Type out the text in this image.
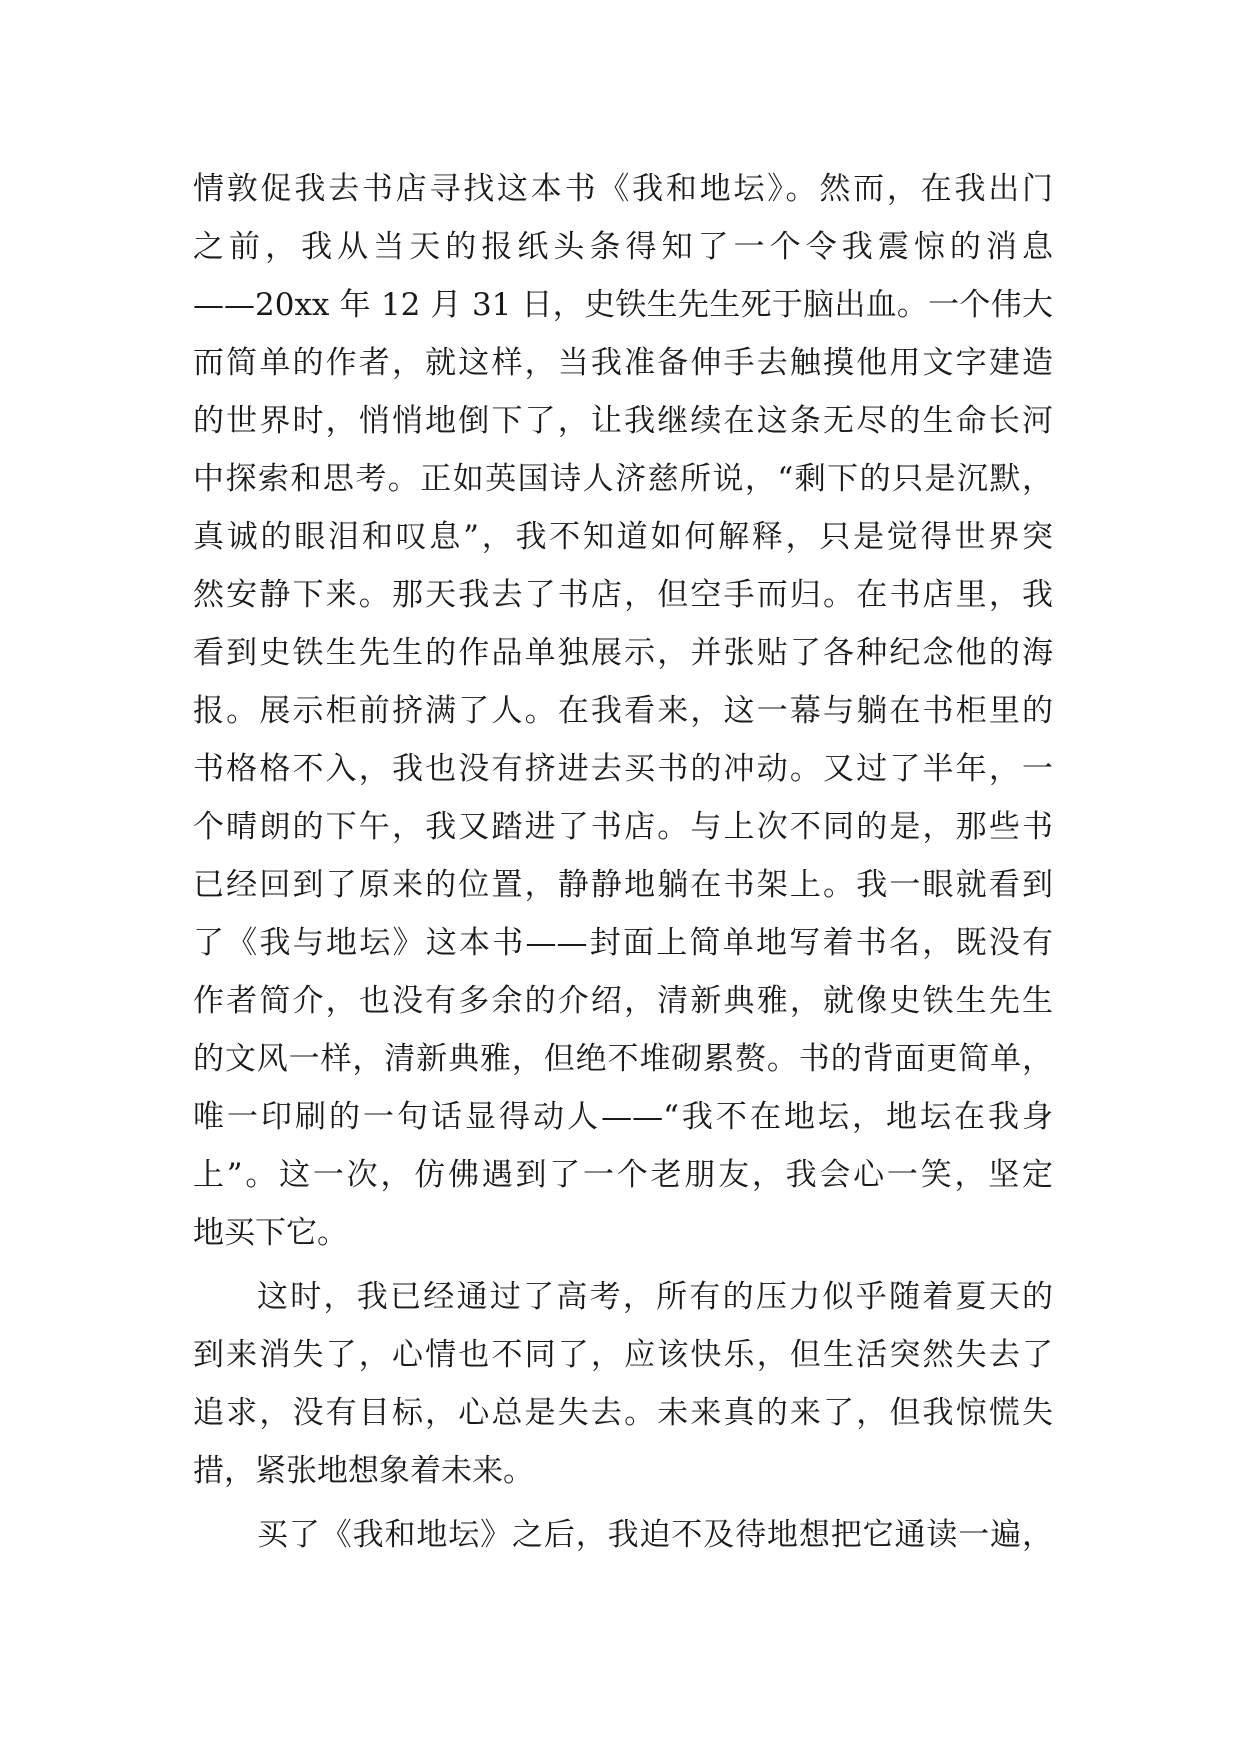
情敦促我去书店寻找这本书《我和地坛》。然而，在我出门
之前，我从当天的报纸头条得知了一个令我震惊的消息
——20xx 年 12 月 31 日，史铁生先生死于脑出血。一个伟大
而简单的作者，就这样，当我准备伸手去触摸他用文字建造
的世界时，悄悄地倒下了，让我继续在这条无尽的生命长河
中探索和思考。正如英国诗人济慈所说，“剩下的只是沉默，
真诚的眼泪和叹息”，我不知道如何解释，只是觉得世界突
然安静下来。那天我去了书店，但空手而归。在书店里，我
看到史铁生先生的作品单独展示，并张贴了各种纪念他的海
报。展示柜前挤满了人。在我看来，这一幕与躺在书柜里的
书格格不入，我也没有挤进去买书的冲动。又过了半年，一
个晴朗的下午，我又踏进了书店。与上次不同的是，那些书
已经回到了原来的位置，静静地躺在书架上。我一眼就看到
了《我与地坛》这本书——封面上简单地写着书名，既没有
作者简介，也没有多余的介绍，清新典雅，就像史铁生先生
的文风一样，清新典雅，但绝不堆砌累赘。书的背面更简单，
唯一印刷的一句话显得动人——“我不在地坛，地坛在我身
上”。这一次，仿佛遇到了一个老朋友，我会心一笑，坚定
地买下它。
这时，我已经通过了高考，所有的压力似乎随着夏天的
到来消失了，心情也不同了，应该快乐，但生活突然失去了
追求，没有目标，心总是失去。未来真的来了，但我惊慌失
措，紧张地想象着未来。
买了《我和地坛》之后，我迫不及待地想把它通读一遍，
